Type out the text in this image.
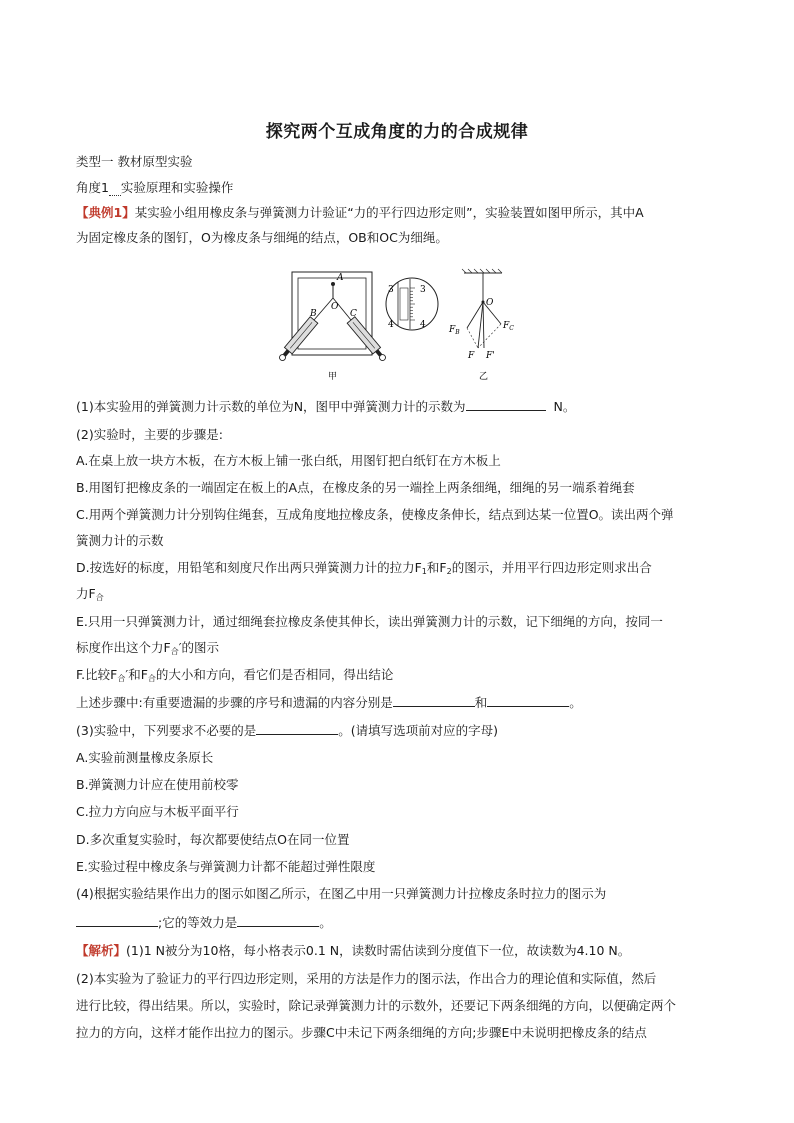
探究两个互成角度的力的合成规律
类型一 教材原型实验
角度1 实验原理和实验操作
【典例1】某实验小组用橡皮条与弹簧测力计验证“力的平行四边形定则”，实验装置如图甲所示，其中A
为固定橡皮条的图钉，O为橡皮条与细绳的结点，OB和OC为细绳。
A
O
B	C
甲
3
4
3
4
O
$F_B$
$F_C$
F F'
乙
(1)本实验用的弹簧测力计示数的单位为N，图甲中弹簧测力计的示数为	N。
(2)实验时，主要的步骤是:
A.在桌上放一块方木板，在方木板上铺一张白纸，用图钉把白纸钉在方木板上
B.用图钉把橡皮条的一端固定在板上的A点，在橡皮条的另一端拴上两条细绳，细绳的另一端系着绳套
C.用两个弹簧测力计分别钩住绳套，互成角度地拉橡皮条，使橡皮条伸长，结点到达某一位置O。读出两个弹
簧测力计的示数
D.按选好的标度，用铅笔和刻度尺作出两只弹簧测力计的拉力$F_1$和$F_2$的图示，并用平行四边形定则求出合
力$F_合$
E.只用一只弹簧测力计，通过细绳套拉橡皮条使其伸长，读出弹簧测力计的示数，记下细绳的方向，按同一
标度作出这个力$F_合'$的图示
F.比较$F_合'$和$F_合$的大小和方向，看它们是否相同，得出结论
上述步骤中:有重要遗漏的步骤的序号和遗漏的内容分别是	和	。
(3)实验中，下列要求不必要的是	。(请填写选项前对应的字母)
A.实验前测量橡皮条原长
B.弹簧测力计应在使用前校零
C.拉力方向应与木板平面平行
D.多次重复实验时，每次都要使结点O在同一位置
E.实验过程中橡皮条与弹簧测力计都不能超过弹性限度
(4)根据实验结果作出力的图示如图乙所示，在图乙中用一只弹簧测力计拉橡皮条时拉力的图示为
;它的等效力是	。
【解析】(1)1 N被分为10格，每小格表示0.1 N，读数时需估读到分度值下一位，故读数为4.10 N。
(2)本实验为了验证力的平行四边形定则，采用的方法是作力的图示法，作出合力的理论值和实际值，然后
进行比较，得出结果。所以，实验时，除记录弹簧测力计的示数外，还要记下两条细绳的方向，以便确定两个
拉力的方向，这样才能作出拉力的图示。步骤C中未记下两条细绳的方向;步骤E中未说明把橡皮条的结点
